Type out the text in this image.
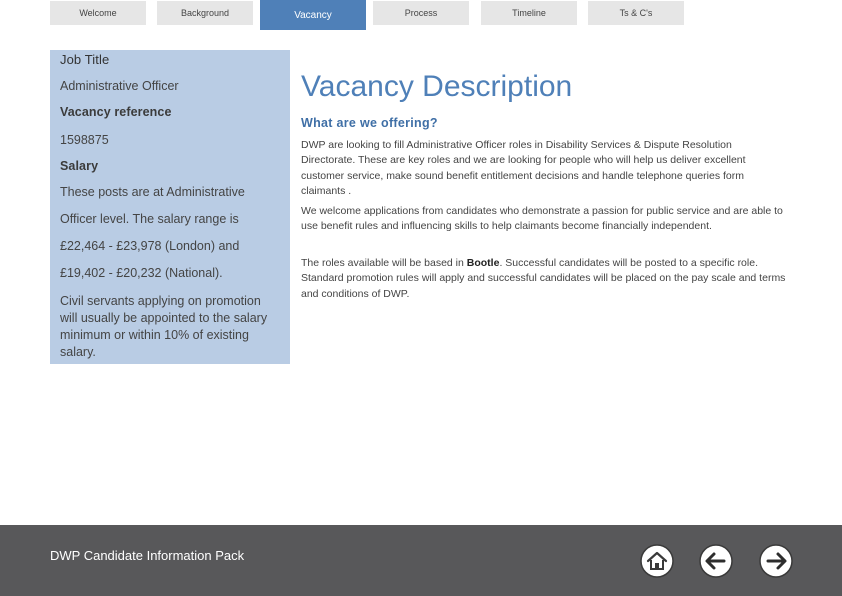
Welcome	Background	Vacancy	Process	Timeline	Ts & C's
Job Title
Administrative Officer
Vacancy reference
1598875
Salary
These posts are at Administrative
Officer level. The salary range is
£22,464 - £23,978 (London) and
£19,402 - £20,232 (National).
Civil servants applying on promotion will usually be appointed to the salary minimum or within 10% of existing salary.
Vacancy Description
What are we offering?
DWP are looking to fill Administrative Officer roles in Disability Services & Dispute Resolution Directorate. These are key roles and we are looking for people who will help us deliver excellent customer service, make sound benefit entitlement decisions and handle telephone queries form claimants .
We welcome applications from candidates who demonstrate a passion for public service and are able to use benefit rules and influencing skills to help claimants become financially independent.
The roles available will be based in Bootle. Successful candidates will be posted to a specific role. Standard promotion rules will apply and successful candidates will be placed on the pay scale and terms and conditions of DWP.
DWP Candidate Information Pack
